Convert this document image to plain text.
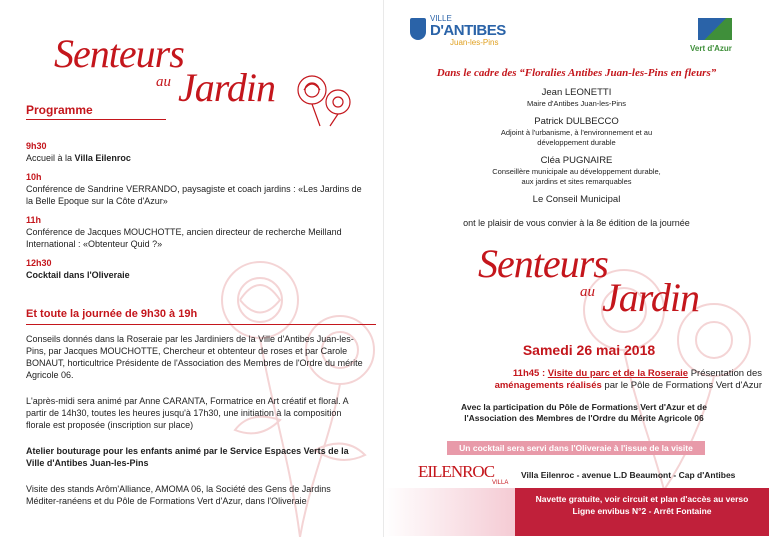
Senteurs
au Jardin
Programme
9h30
Accueil à la Villa Eilenroc
10h
Conférence de Sandrine VERRANDO, paysagiste et coach jardins : «Les Jardins de la Belle Epoque sur la Côte d'Azur»
11h
Conférence de Jacques MOUCHOTTE, ancien directeur de recherche Meilland International : «Obtenteur Quid ?»
12h30
Cocktail dans l'Oliveraie
Et toute la journée de 9h30 à 19h
Conseils donnés dans la Roseraie par les Jardiniers de la Ville d'Antibes Juan-les-Pins, par Jacques MOUCHOTTE, Chercheur et obtenteur de roses et par Carole BONAUT, horticultrice Présidente de l'Association des Membres de l'Ordre du mérite Agricole 06.
L'après-midi sera animé par Anne CARANTA, Formatrice en Art créatif et floral. A partir de 14h30, toutes les heures jusqu'à 17h30, une initiation à la composition florale est proposée (inscription sur place)
Atelier bouturage pour les enfants animé par le Service Espaces Verts de la Ville d'Antibes Juan-les-Pins
Visite des stands Arôm'Alliance, AMOMA 06, la Société des Gens de Jardins Méditer-ranéens et du Pôle de Formations Vert d'Azur, dans l'Oliveraie
VILLE
D'ANTIBES
Juan-les-Pins
Vert d'Azur
Dans le cadre des “Floralies Antibes Juan-les-Pins en fleurs”
Jean LEONETTI
Maire d'Antibes Juan-les-Pins
Patrick DULBECCO
Adjoint à l'urbanisme, à l'environnement et au développement durable
Cléa PUGNAIRE
Conseillère municipale au développement durable, aux jardins et sites remarquables
Le Conseil Municipal
ont le plaisir de vous convier à la 8e édition de la journée
Senteurs
au Jardin
Samedi 26 mai 2018
11h45 : Visite du parc et de la Roseraie Présentation des
aménagements réalisés par le Pôle de Formations Vert d'Azur
Avec la participation du Pôle de Formations Vert d'Azur et de l'Association des Membres de l'Ordre du Mérite Agricole 06
EILENROC
VILLA
Villa Eilenroc - avenue L.D Beaumont - Cap d'Antibes
Un cocktail sera servi dans l'Oliveraie à l'issue de la visite
Navette gratuite, voir circuit et plan d'accès au verso
Ligne envibus N°2 - Arrêt Fontaine
